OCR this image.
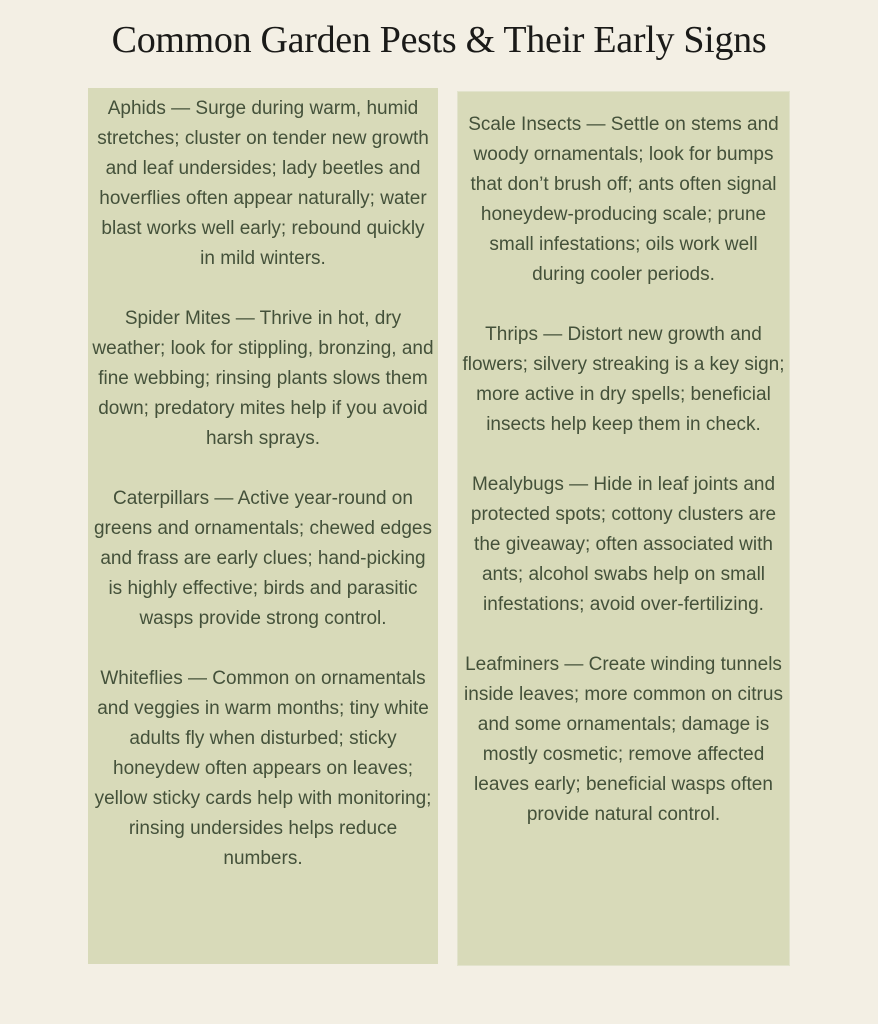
Common Garden Pests & Their Early Signs

Aphids — Surge during warm, humid stretches; cluster on tender new growth and leaf undersides; lady beetles and hoverflies often appear naturally; water blast works well early; rebound quickly in mild winters.

Spider Mites — Thrive in hot, dry weather; look for stippling, bronzing, and fine webbing; rinsing plants slows them down; predatory mites help if you avoid harsh sprays.

Caterpillars — Active year-round on greens and ornamentals; chewed edges and frass are early clues; hand-picking is highly effective; birds and parasitic wasps provide strong control.

Whiteflies — Common on ornamentals and veggies in warm months; tiny white adults fly when disturbed; sticky honeydew often appears on leaves; yellow sticky cards help with monitoring; rinsing undersides helps reduce numbers.

Scale Insects — Settle on stems and woody ornamentals; look for bumps that don’t brush off; ants often signal honeydew-producing scale; prune small infestations; oils work well during cooler periods.

Thrips — Distort new growth and flowers; silvery streaking is a key sign; more active in dry spells; beneficial insects help keep them in check.

Mealybugs — Hide in leaf joints and protected spots; cottony clusters are the giveaway; often associated with ants; alcohol swabs help on small infestations; avoid over-fertilizing.

Leafminers — Create winding tunnels inside leaves; more common on citrus and some ornamentals; damage is mostly cosmetic; remove affected leaves early; beneficial wasps often provide natural control.
